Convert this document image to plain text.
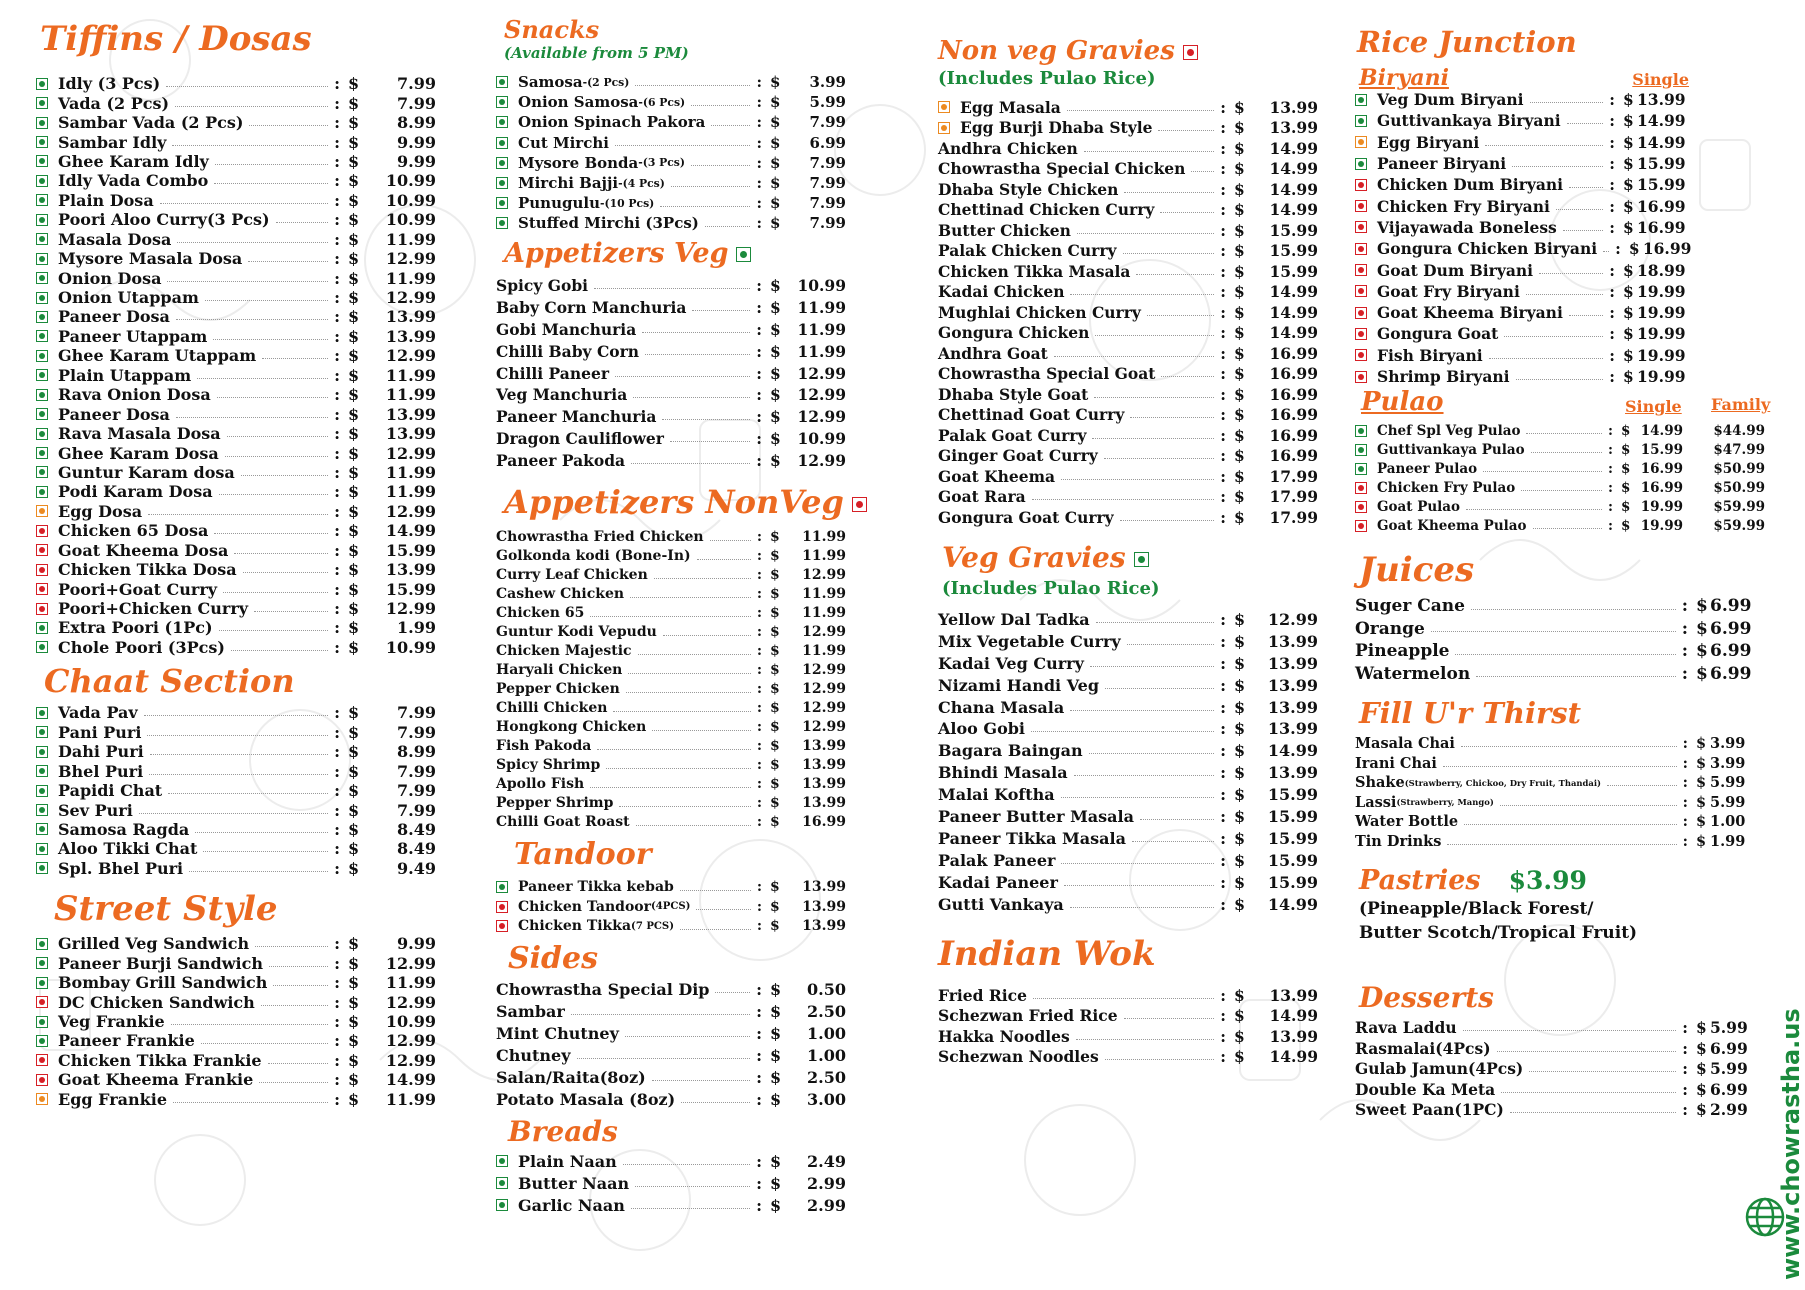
Tiffins / Dosas
Idly (3 Pcs)	: $	7.99
Vada (2 Pcs)	: $	7.99
Sambar Vada (2 Pcs)	: $	8.99
Sambar Idly	: $	9.99
Ghee Karam Idly	: $	9.99
Idly Vada Combo	: $	10.99
Plain Dosa	: $	10.99
Poori Aloo Curry(3 Pcs)	: $	10.99
Masala Dosa	: $	11.99
Mysore Masala Dosa	: $	12.99
Onion Dosa	: $	11.99
Onion Utappam	: $	12.99
Paneer Dosa	: $	13.99
Paneer Utappam	: $	13.99
Ghee Karam Utappam	: $	12.99
Plain Utappam	: $	11.99
Rava Onion Dosa	: $	11.99
Paneer Dosa	: $	13.99
Rava Masala Dosa	: $	13.99
Ghee Karam Dosa	: $	12.99
Guntur Karam dosa	: $	11.99
Podi Karam Dosa	: $	11.99
Egg Dosa	: $	12.99
Chicken 65 Dosa	: $	14.99
Goat Kheema Dosa	: $	15.99
Chicken Tikka Dosa	: $	13.99
Poori+Goat Curry	: $	15.99
Poori+Chicken Curry	: $	12.99
Extra Poori (1Pc)	: $	1.99
Chole Poori (3Pcs)	: $	10.99
Chaat Section
Vada Pav	: $	7.99
Pani Puri	: $	7.99
Dahi Puri	: $	8.99
Bhel Puri	: $	7.99
Papidi Chat	: $	7.99
Sev Puri	: $	7.99
Samosa Ragda	: $	8.49
Aloo Tikki Chat	: $	8.49
Spl. Bhel Puri	: $	9.49
Street Style
Grilled Veg Sandwich	: $	9.99
Paneer Burji Sandwich	: $	12.99
Bombay Grill Sandwich	: $	11.99
DC Chicken Sandwich	: $	12.99
Veg Frankie	: $	10.99
Paneer Frankie	: $	12.99
Chicken Tikka Frankie	: $	12.99
Goat Kheema Frankie	: $	14.99
Egg Frankie	: $	11.99
Snacks
(Available from 5 PM)
Samosa -(2 Pcs)	: $	3.99
Onion Samosa -(6 Pcs)	: $	5.99
Onion Spinach Pakora	: $	7.99
Cut Mirchi	: $	6.99
Mysore Bonda -(3 Pcs)	: $	7.99
Mirchi Bajji -(4 Pcs)	: $	7.99
Punugulu -(10 Pcs)	: $	7.99
Stuffed Mirchi (3Pcs)	: $	7.99
Appetizers Veg
Spicy Gobi	: $	10.99
Baby Corn Manchuria	: $	11.99
Gobi Manchuria	: $	11.99
Chilli Baby Corn	: $	11.99
Chilli Paneer	: $	12.99
Veg Manchuria	: $	12.99
Paneer Manchuria	: $	12.99
Dragon Cauliflower	: $	10.99
Paneer Pakoda	: $	12.99
Appetizers NonVeg
Chowrastha Fried Chicken	: $	11.99
Golkonda kodi (Bone-In)	: $	11.99
Curry Leaf Chicken	: $	12.99
Cashew Chicken	: $	11.99
Chicken 65	: $	11.99
Guntur Kodi Vepudu	: $	12.99
Chicken Majestic	: $	11.99
Haryali Chicken	: $	12.99
Pepper Chicken	: $	12.99
Chilli Chicken	: $	12.99
Hongkong Chicken	: $	12.99
Fish Pakoda	: $	13.99
Spicy Shrimp	: $	13.99
Apollo Fish	: $	13.99
Pepper Shrimp	: $	13.99
Chilli Goat Roast	: $	16.99
Tandoor
Paneer Tikka kebab	: $	13.99
Chicken Tandoor (4PCS)	: $	13.99
Chicken Tikka (7 PCS)	: $	13.99
Sides
Chowrastha Special Dip	: $	0.50
Sambar	: $	2.50
Mint Chutney	: $	1.00
Chutney	: $	1.00
Salan/Raita(8oz)	: $	2.50
Potato Masala (8oz)	: $	3.00
Breads
Plain Naan	: $	2.49
Butter Naan	: $	2.99
Garlic Naan	: $	2.99
Non veg Gravies
(Includes Pulao Rice)
Egg Masala	: $	13.99
Egg Burji Dhaba Style	: $	13.99
Andhra Chicken	: $	14.99
Chowrastha Special Chicken : $	14.99
Dhaba Style Chicken	: $	14.99
Chettinad Chicken Curry	: $	14.99
Butter Chicken	: $	15.99
Palak Chicken Curry	: $	15.99
Chicken Tikka Masala	: $	15.99
Kadai Chicken	: $	14.99
Mughlai Chicken Curry	: $	14.99
Gongura Chicken	: $	14.99
Andhra Goat	: $	16.99
Chowrastha Special Goat	: $	16.99
Dhaba Style Goat	: $	16.99
Chettinad Goat Curry	: $	16.99
Palak Goat Curry	: $	16.99
Ginger Goat Curry	: $	16.99
Goat Kheema	: $	17.99
Goat Rara	: $	17.99
Gongura Goat Curry	: $	17.99
Veg Gravies
(Includes Pulao Rice)
Yellow Dal Tadka	: $	12.99
Mix Vegetable Curry	: $	13.99
Kadai Veg Curry	: $	13.99
Nizami Handi Veg	: $	13.99
Chana Masala	: $	13.99
Aloo Gobi	: $	13.99
Bagara Baingan	: $	14.99
Bhindi Masala	: $	13.99
Malai Koftha	: $	15.99
Paneer Butter Masala	: $	15.99
Paneer Tikka Masala	: $	15.99
Palak Paneer	: $	15.99
Kadai Paneer	: $	15.99
Gutti Vankaya	: $	14.99
Indian Wok
Fried Rice	: $	13.99
Schezwan Fried Rice	: $	14.99
Hakka Noodles	: $	13.99
Schezwan Noodles	: $	14.99
Rice Junction
Biryani	Single
Veg Dum Biryani	: $ 13.99
Guttivankaya Biryani	: $ 14.99
Egg Biryani	: $ 14.99
Paneer Biryani	: $ 15.99
Chicken Dum Biryani	: $ 15.99
Chicken Fry Biryani	: $ 16.99
Vijayawada Boneless	: $ 16.99
Gongura Chicken Biryani : $ 16.99
Goat Dum Biryani	: $ 18.99
Goat Fry Biryani	: $ 19.99
Goat Kheema Biryani	: $ 19.99
Gongura Goat	: $ 19.99
Fish Biryani	: $ 19.99
Shrimp Biryani	: $ 19.99
Pulao	Single Family
Chef Spl Veg Pulao	: $ 14.99	$44.99
Guttivankaya Pulao	: $ 15.99	$47.99
Paneer Pulao	: $ 16.99	$50.99
Chicken Fry Pulao	: $ 16.99	$50.99
Goat Pulao	: $ 19.99	$59.99
Goat Kheema Pulao	: $ 19.99	$59.99
Juices
Suger Cane	: $ 6.99
Orange	: $ 6.99
Pineapple	: $ 6.99
Watermelon	: $ 6.99
Fill U'r Thirst
Masala Chai	: $ 3.99
Irani Chai	: $ 3.99
Shake (Strawberry, Chickoo, Dry Fruit, Thandai)	: $ 5.99
Lassi (Strawberry, Mango)	: $ 5.99
Water Bottle	: $ 1.00
Tin Drinks	: $ 1.99
Pastries $3.99
(Pineapple/Black Forest/
Butter Scotch/Tropical Fruit)
Desserts
Rava Laddu	: $ 5.99
Rasmalai(4Pcs)	: $ 6.99
Gulab Jamun(4Pcs)	: $ 5.99
Double Ka Meta	: $ 6.99
Sweet Paan(1PC)	: $ 2.99 www.chowrastha.us
